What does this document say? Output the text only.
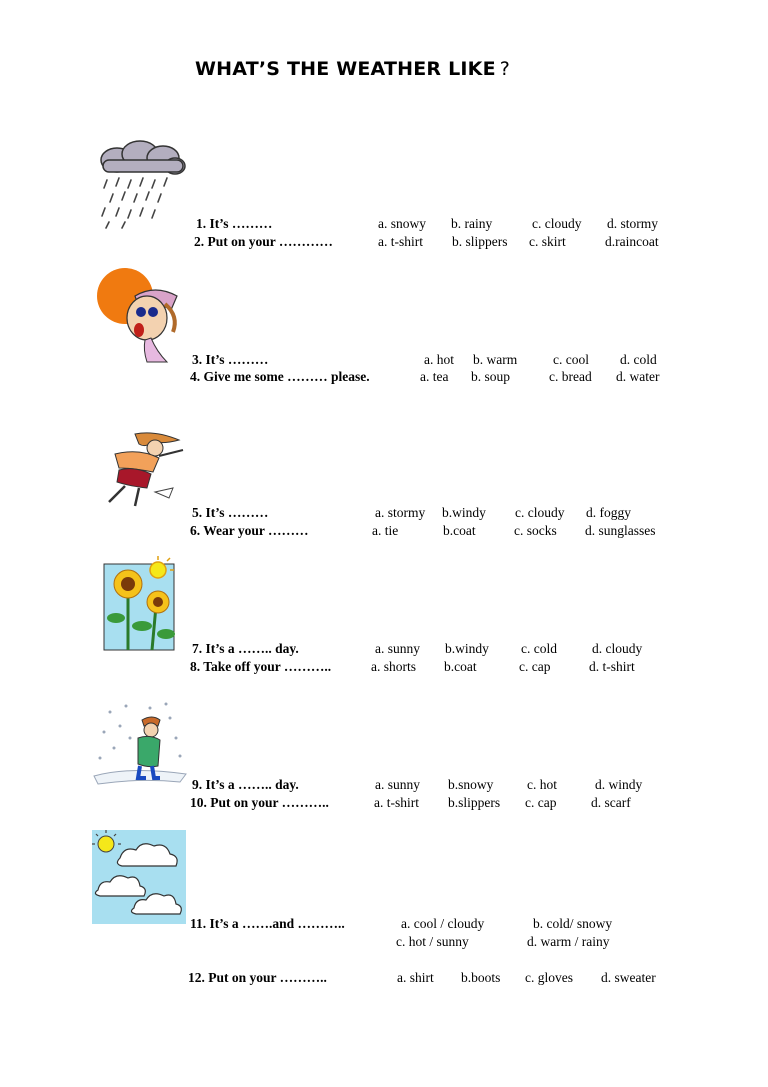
WHAT’S THE WEATHER LIKE ?
1. It’s ………	a. snowy b. rainy	c. cloudy d. stormy
2. Put on your …………	a. t-shirt b. slippers c. skirt	d.raincoat
3. It’s ………	a. hot b. warm	c. cool d. cold
4. Give me some ……… please.	a. tea b. soup	c. bread d. water
5. It’s ………	a. stormy b.windy c. cloudy d. foggy
6. Wear your ………	a. tie	b.coat	c. socks d. sunglasses
7. It’s a …….. day.	a. sunny b.windy c. cold	d. cloudy
8. Take off your ………..	a. shorts b.coat	c. cap	d. t-shirt
9. It’s a …….. day.	a. sunny b.snowy c. hot	d. windy
10. Put on your ………..	a. t-shirt b.slippers c. cap	d. scarf
11. It’s a …….and ………..	a. cool / cloudy	b. cold/ snowy
c. hot / sunny	d. warm / rainy
12. Put on your ………..	a. shirt b.boots c. gloves d. sweater
